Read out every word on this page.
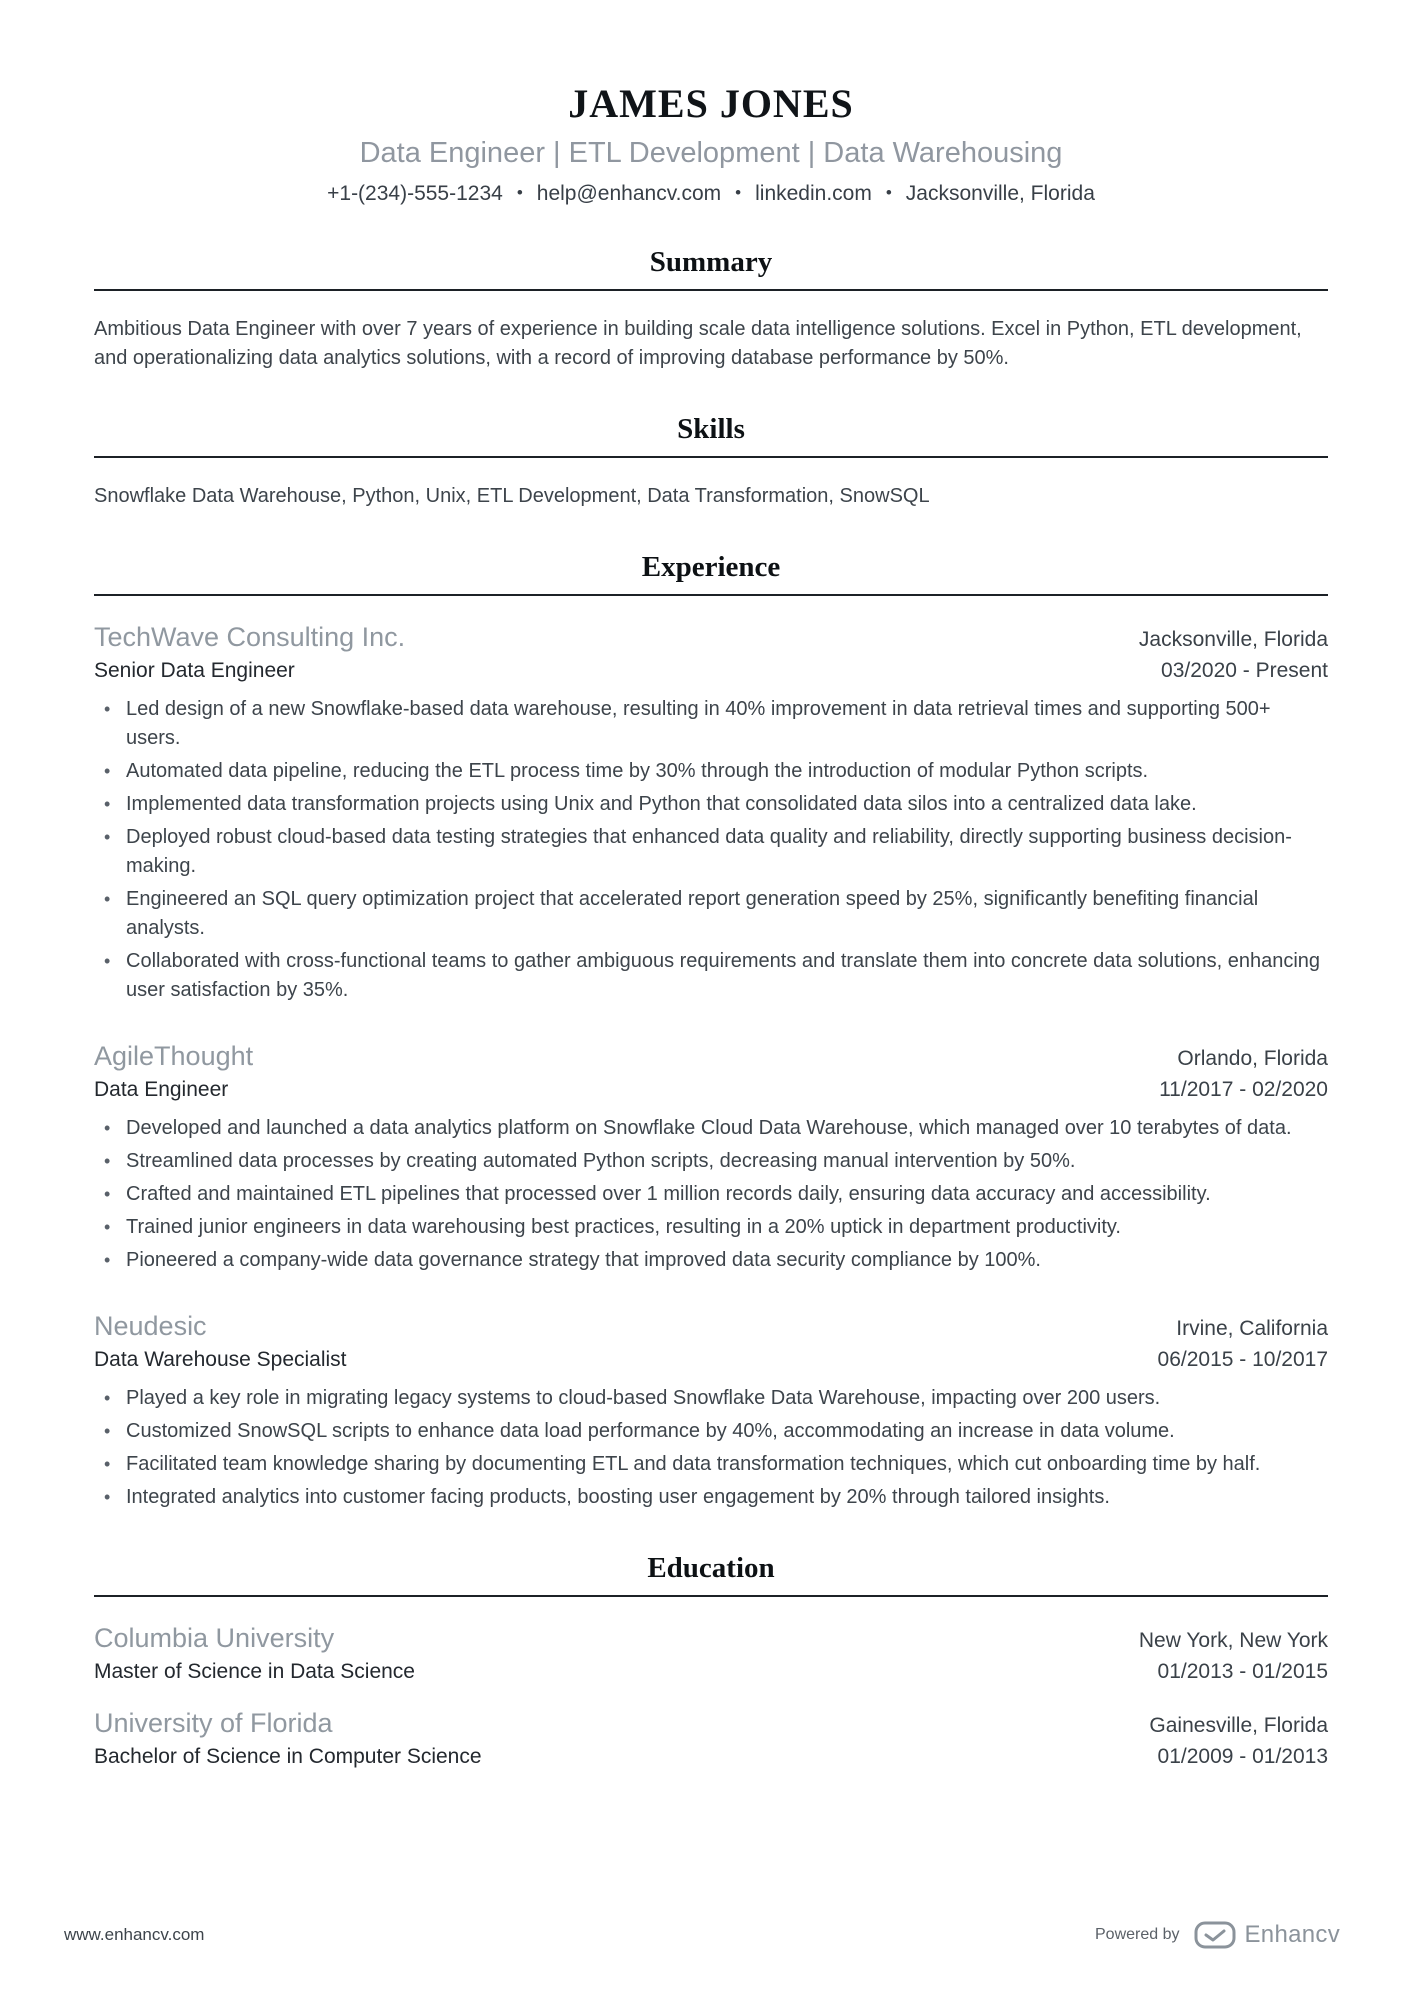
JAMES JONES
Data Engineer | ETL Development | Data Warehousing
+1-(234)-555-1234 • help@enhancv.com • linkedin.com • Jacksonville, Florida
Summary

Ambitious Data Engineer with over 7 years of experience in building scale data intelligence solutions. Excel in Python, ETL development, and operationalizing data analytics solutions, with a record of improving database performance by 50%.

Skills

Snowflake Data Warehouse, Python, Unix, ETL Development, Data Transformation, SnowSQL

Experience
TechWave Consulting Inc.	Jacksonville, Florida
Senior Data Engineer	03/2020 - Present
• Led design of a new Snowflake-based data warehouse, resulting in 40% improvement in data retrieval times and supporting 500+ users.
• Automated data pipeline, reducing the ETL process time by 30% through the introduction of modular Python scripts.
• Implemented data transformation projects using Unix and Python that consolidated data silos into a centralized data lake.
• Deployed robust cloud-based data testing strategies that enhanced data quality and reliability, directly supporting business decision-making.
• Engineered an SQL query optimization project that accelerated report generation speed by 25%, significantly benefiting financial analysts.
• Collaborated with cross-functional teams to gather ambiguous requirements and translate them into concrete data solutions, enhancing user satisfaction by 35%.
AgileThought	Orlando, Florida
Data Engineer	11/2017 - 02/2020
• Developed and launched a data analytics platform on Snowflake Cloud Data Warehouse, which managed over 10 terabytes of data.
• Streamlined data processes by creating automated Python scripts, decreasing manual intervention by 50%.
• Crafted and maintained ETL pipelines that processed over 1 million records daily, ensuring data accuracy and accessibility.
• Trained junior engineers in data warehousing best practices, resulting in a 20% uptick in department productivity.
• Pioneered a company-wide data governance strategy that improved data security compliance by 100%.
Neudesic	Irvine, California
Data Warehouse Specialist	06/2015 - 10/2017
• Played a key role in migrating legacy systems to cloud-based Snowflake Data Warehouse, impacting over 200 users.
• Customized SnowSQL scripts to enhance data load performance by 40%, accommodating an increase in data volume.
• Facilitated team knowledge sharing by documenting ETL and data transformation techniques, which cut onboarding time by half.
• Integrated analytics into customer facing products, boosting user engagement by 20% through tailored insights.
Education
Columbia University	New York, New York
Master of Science in Data Science	01/2013 - 01/2015
University of Florida	Gainesville, Florida
Bachelor of Science in Computer Science	01/2009 - 01/2013
www.enhancv.com	Powered by	Enhancv
